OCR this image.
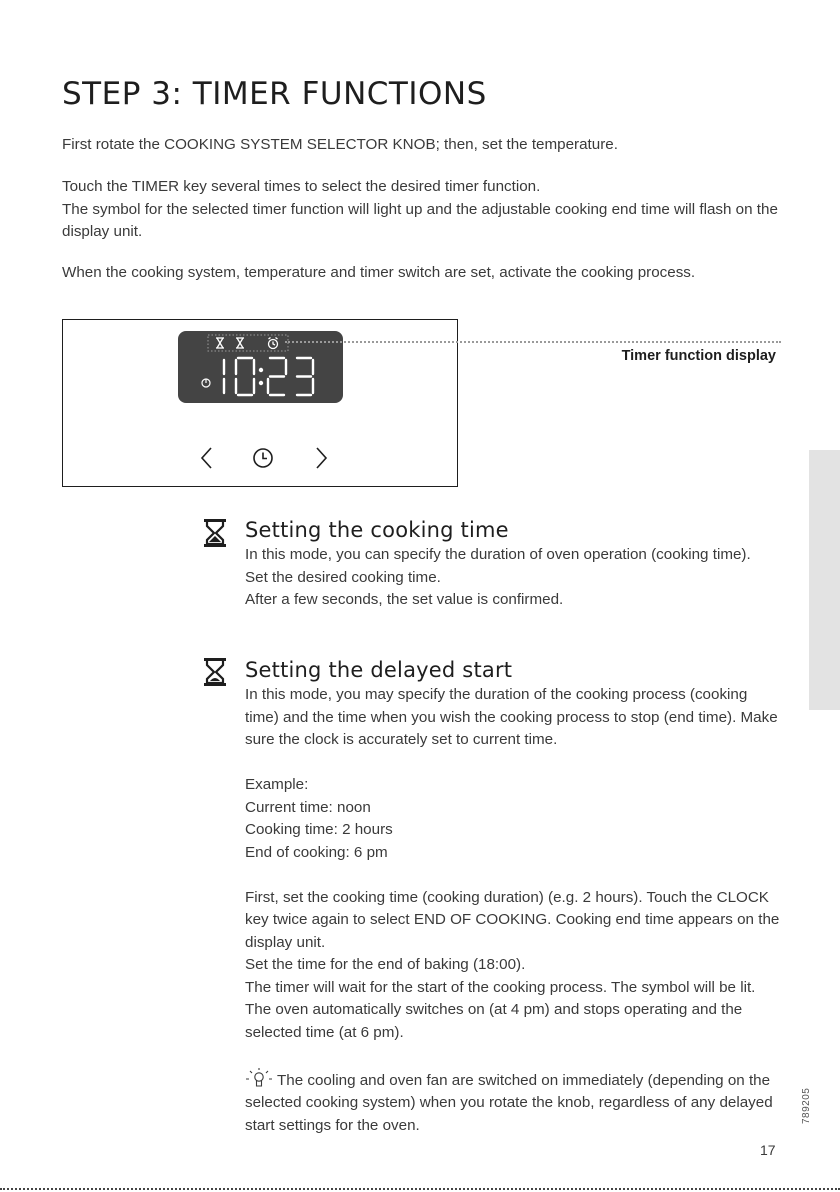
STEP 3: TIMER FUNCTIONS

First rotate the COOKING SYSTEM SELECTOR KNOB; then, set the temperature.

Touch the TIMER key several times to select the desired timer function.
The symbol for the selected timer function will light up and the adjustable cooking end time will flash on the display unit.

When the cooking system, temperature and timer switch are set, activate the cooking process.

Timer function display
Setting the cooking time

In this mode, you can specify the duration of oven operation (cooking time).
Set the desired cooking time.
After a few seconds, the set value is confirmed.

Setting the delayed start

In this mode, you may specify the duration of the cooking process (cooking time) and the time when you wish the cooking process to stop (end time). Make sure the clock is accurately set to current time.

Example:
Current time: noon
Cooking time: 2 hours
End of cooking: 6 pm

First, set the cooking time (cooking duration) (e.g. 2 hours). Touch the CLOCK key twice again to select END OF COOKING. Cooking end time appears on the display unit.
Set the time for the end of baking (18:00).
The timer will wait for the start of the cooking process. The symbol will be lit. The oven automatically switches on (at 4 pm) and stops operating and the selected time (at 6 pm).

The cooling and oven fan are switched on immediately (depending on the selected cooking system) when you rotate the knob, regardless of any delayed start settings for the oven.

789205
17
